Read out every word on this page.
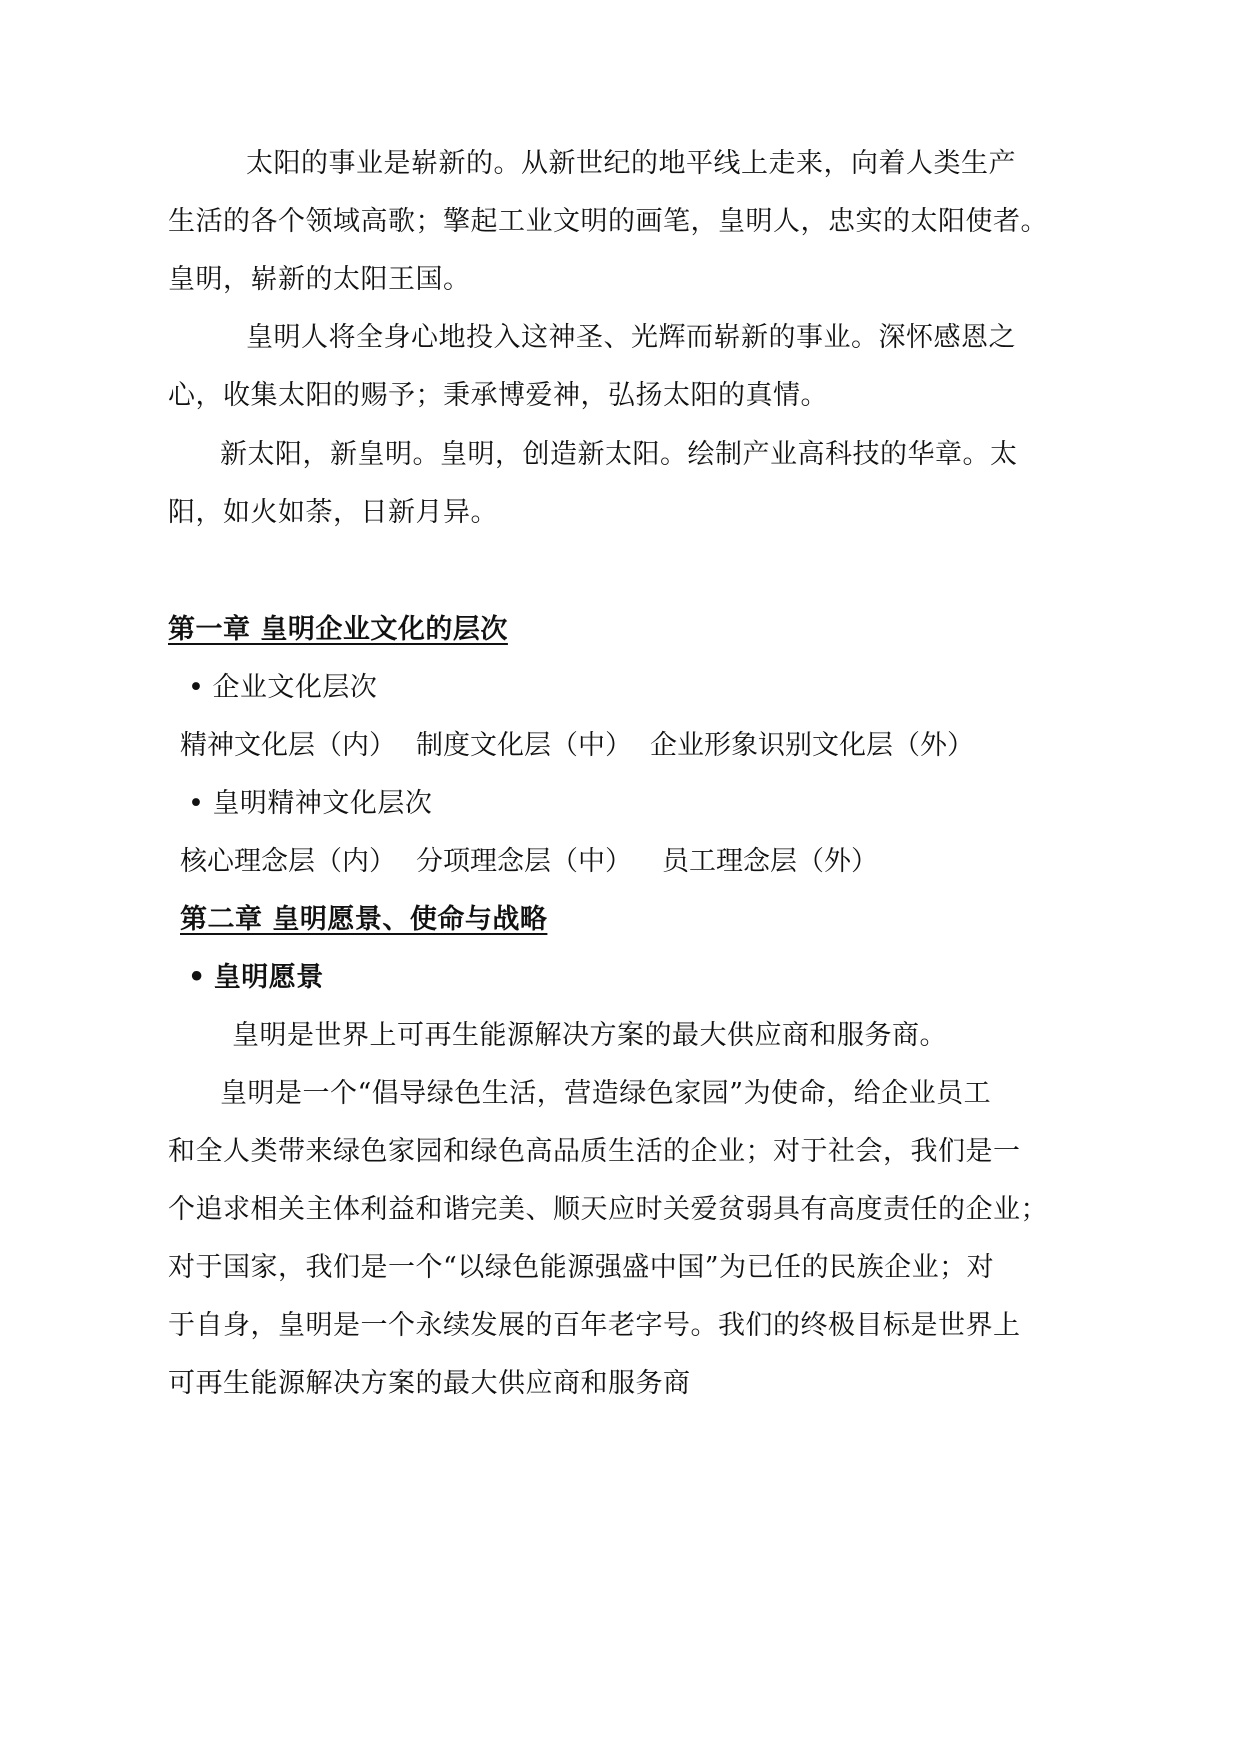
太阳的事业是崭新的。从新世纪的地平线上走来，向着人类生产
生活的各个领域高歌；擎起工业文明的画笔，皇明人，忠实的太阳使者。
皇明，崭新的太阳王国。
皇明人将全身心地投入这神圣、光辉而崭新的事业。深怀感恩之
心，收集太阳的赐予；秉承博爱神，弘扬太阳的真情。
新太阳，新皇明。皇明，创造新太阳。绘制产业高科技的华章。太
阳，如火如荼，日新月异。
第一章 皇明企业文化的层次
• 企业文化层次
精神文化层（内） 制度文化层（中） 企业形象识别文化层（外）
• 皇明精神文化层次
核心理念层（内） 分项理念层（中） 员工理念层（外）
第二章 皇明愿景、使命与战略
• 皇明愿景
皇明是世界上可再生能源解决方案的最大供应商和服务商。
皇明是一个“倡导绿色生活，营造绿色家园”为使命，给企业员工
和全人类带来绿色家园和绿色高品质生活的企业；对于社会，我们是一
个追求相关主体利益和谐完美、顺天应时关爱贫弱具有高度责任的企业；
对于国家，我们是一个“以绿色能源强盛中国”为已任的民族企业；对
于自身，皇明是一个永续发展的百年老字号。我们的终极目标是世界上
可再生能源解决方案的最大供应商和服务商
